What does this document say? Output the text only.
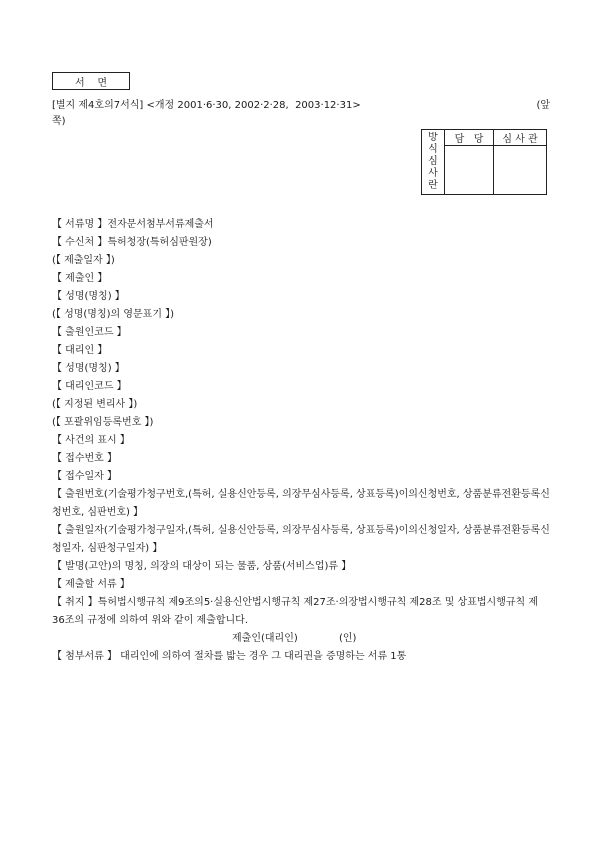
서    면
[별지 제4호의7서식] <개정 2001·6·30, 2002·2·28,  2003·12·31>	(앞
쪽)
방
식
심
사
란	담   당	심 사 관

【 서류명 】전자문서첨부서류제출서
【 수신처 】특허청장(특허심판원장)
(【 제출일자 】)
【 제출인 】
【 성명(명칭) 】
(【 성명(명칭)의 영문표기 】)
【 출원인코드 】
【 대리인 】
【 성명(명칭) 】
【 대리인코드 】
(【 지정된 변리사 】)
(【 포괄위임등록번호 】)
【 사건의 표시 】
【 접수번호 】
【 접수일자 】
【 출원번호(기술평가청구번호,(특허, 실용신안등록, 의장무심사등록, 상표등록)이의신청번호, 상품분류전환등록신청번호, 심판번호) 】
【 출원일자(기술평가청구일자,(특허, 실용신안등록, 의장무심사등록, 상표등록)이의신청일자, 상품분류전환등록신청일자, 심판청구일자) 】
【 발명(고안)의 명칭, 의장의 대상이 되는 물품, 상품(서비스업)류 】
【 제출할 서류 】
【 취지 】특허법시행규칙 제9조의5·실용신안법시행규칙 제27조·의장법시행규칙 제28조 및 상표법시행규칙 제36조의 규정에 의하여 위와 같이 제출합니다.
제출인(대리인)	(인)
【 첨부서류 】 대리인에 의하여 절차를 밟는 경우 그 대리권을 증명하는 서류 1통
